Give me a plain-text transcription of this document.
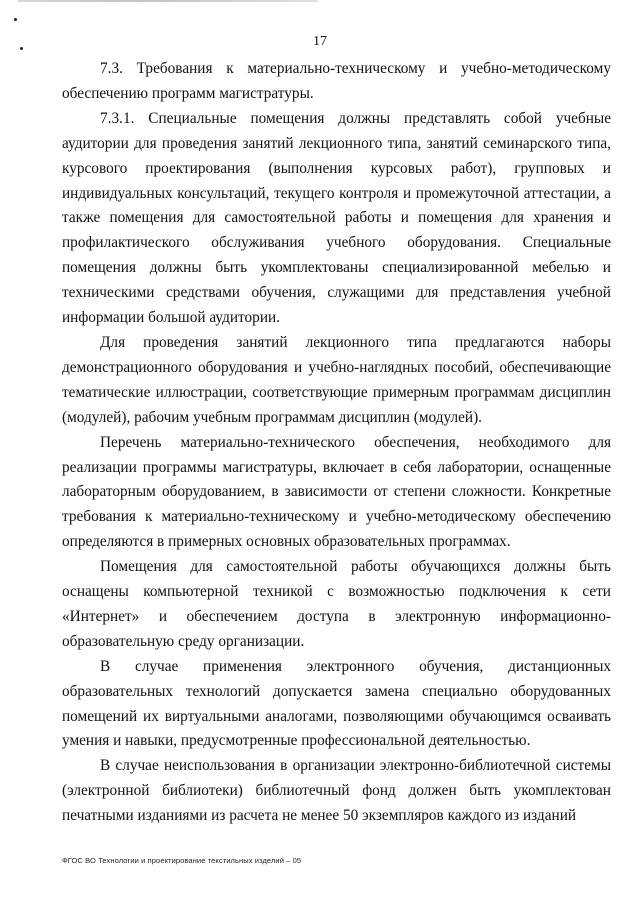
17

7.3. Требования к материально-техническому и учебно-методическому обеспечению программ магистратуры.

7.3.1. Специальные помещения должны представлять собой учебные аудитории для проведения занятий лекционного типа, занятий семинарского типа, курсового проектирования (выполнения курсовых работ), групповых и индивидуальных консультаций, текущего контроля и промежуточной аттестации, а также помещения для самостоятельной работы и помещения для хранения и профилактического обслуживания учебного оборудования. Специальные помещения должны быть укомплектованы специализированной мебелью и техническими средствами обучения, служащими для представления учебной информации большой аудитории.

Для проведения занятий лекционного типа предлагаются наборы демонстрационного оборудования и учебно-наглядных пособий, обеспечивающие тематические иллюстрации, соответствующие примерным программам дисциплин (модулей), рабочим учебным программам дисциплин (модулей).

Перечень материально-технического обеспечения, необходимого для реализации программы магистратуры, включает в себя лаборатории, оснащенные лабораторным оборудованием, в зависимости от степени сложности. Конкретные требования к материально-техническому и учебно-методическому обеспечению определяются в примерных основных образовательных программах.

Помещения для самостоятельной работы обучающихся должны быть оснащены компьютерной техникой с возможностью подключения к сети «Интернет» и обеспечением доступа в электронную информационно-образовательную среду организации.

В случае применения электронного обучения, дистанционных образовательных технологий допускается замена специально оборудованных помещений их виртуальными аналогами, позволяющими обучающимся осваивать умения и навыки, предусмотренные профессиональной деятельностью.

В случае неиспользования в организации электронно-библиотечной системы (электронной библиотеки) библиотечный фонд должен быть укомплектован печатными изданиями из расчета не менее 50 экземпляров каждого из изданий

ФГОС ВО Технологии и проектирование текстильных изделий – 05
